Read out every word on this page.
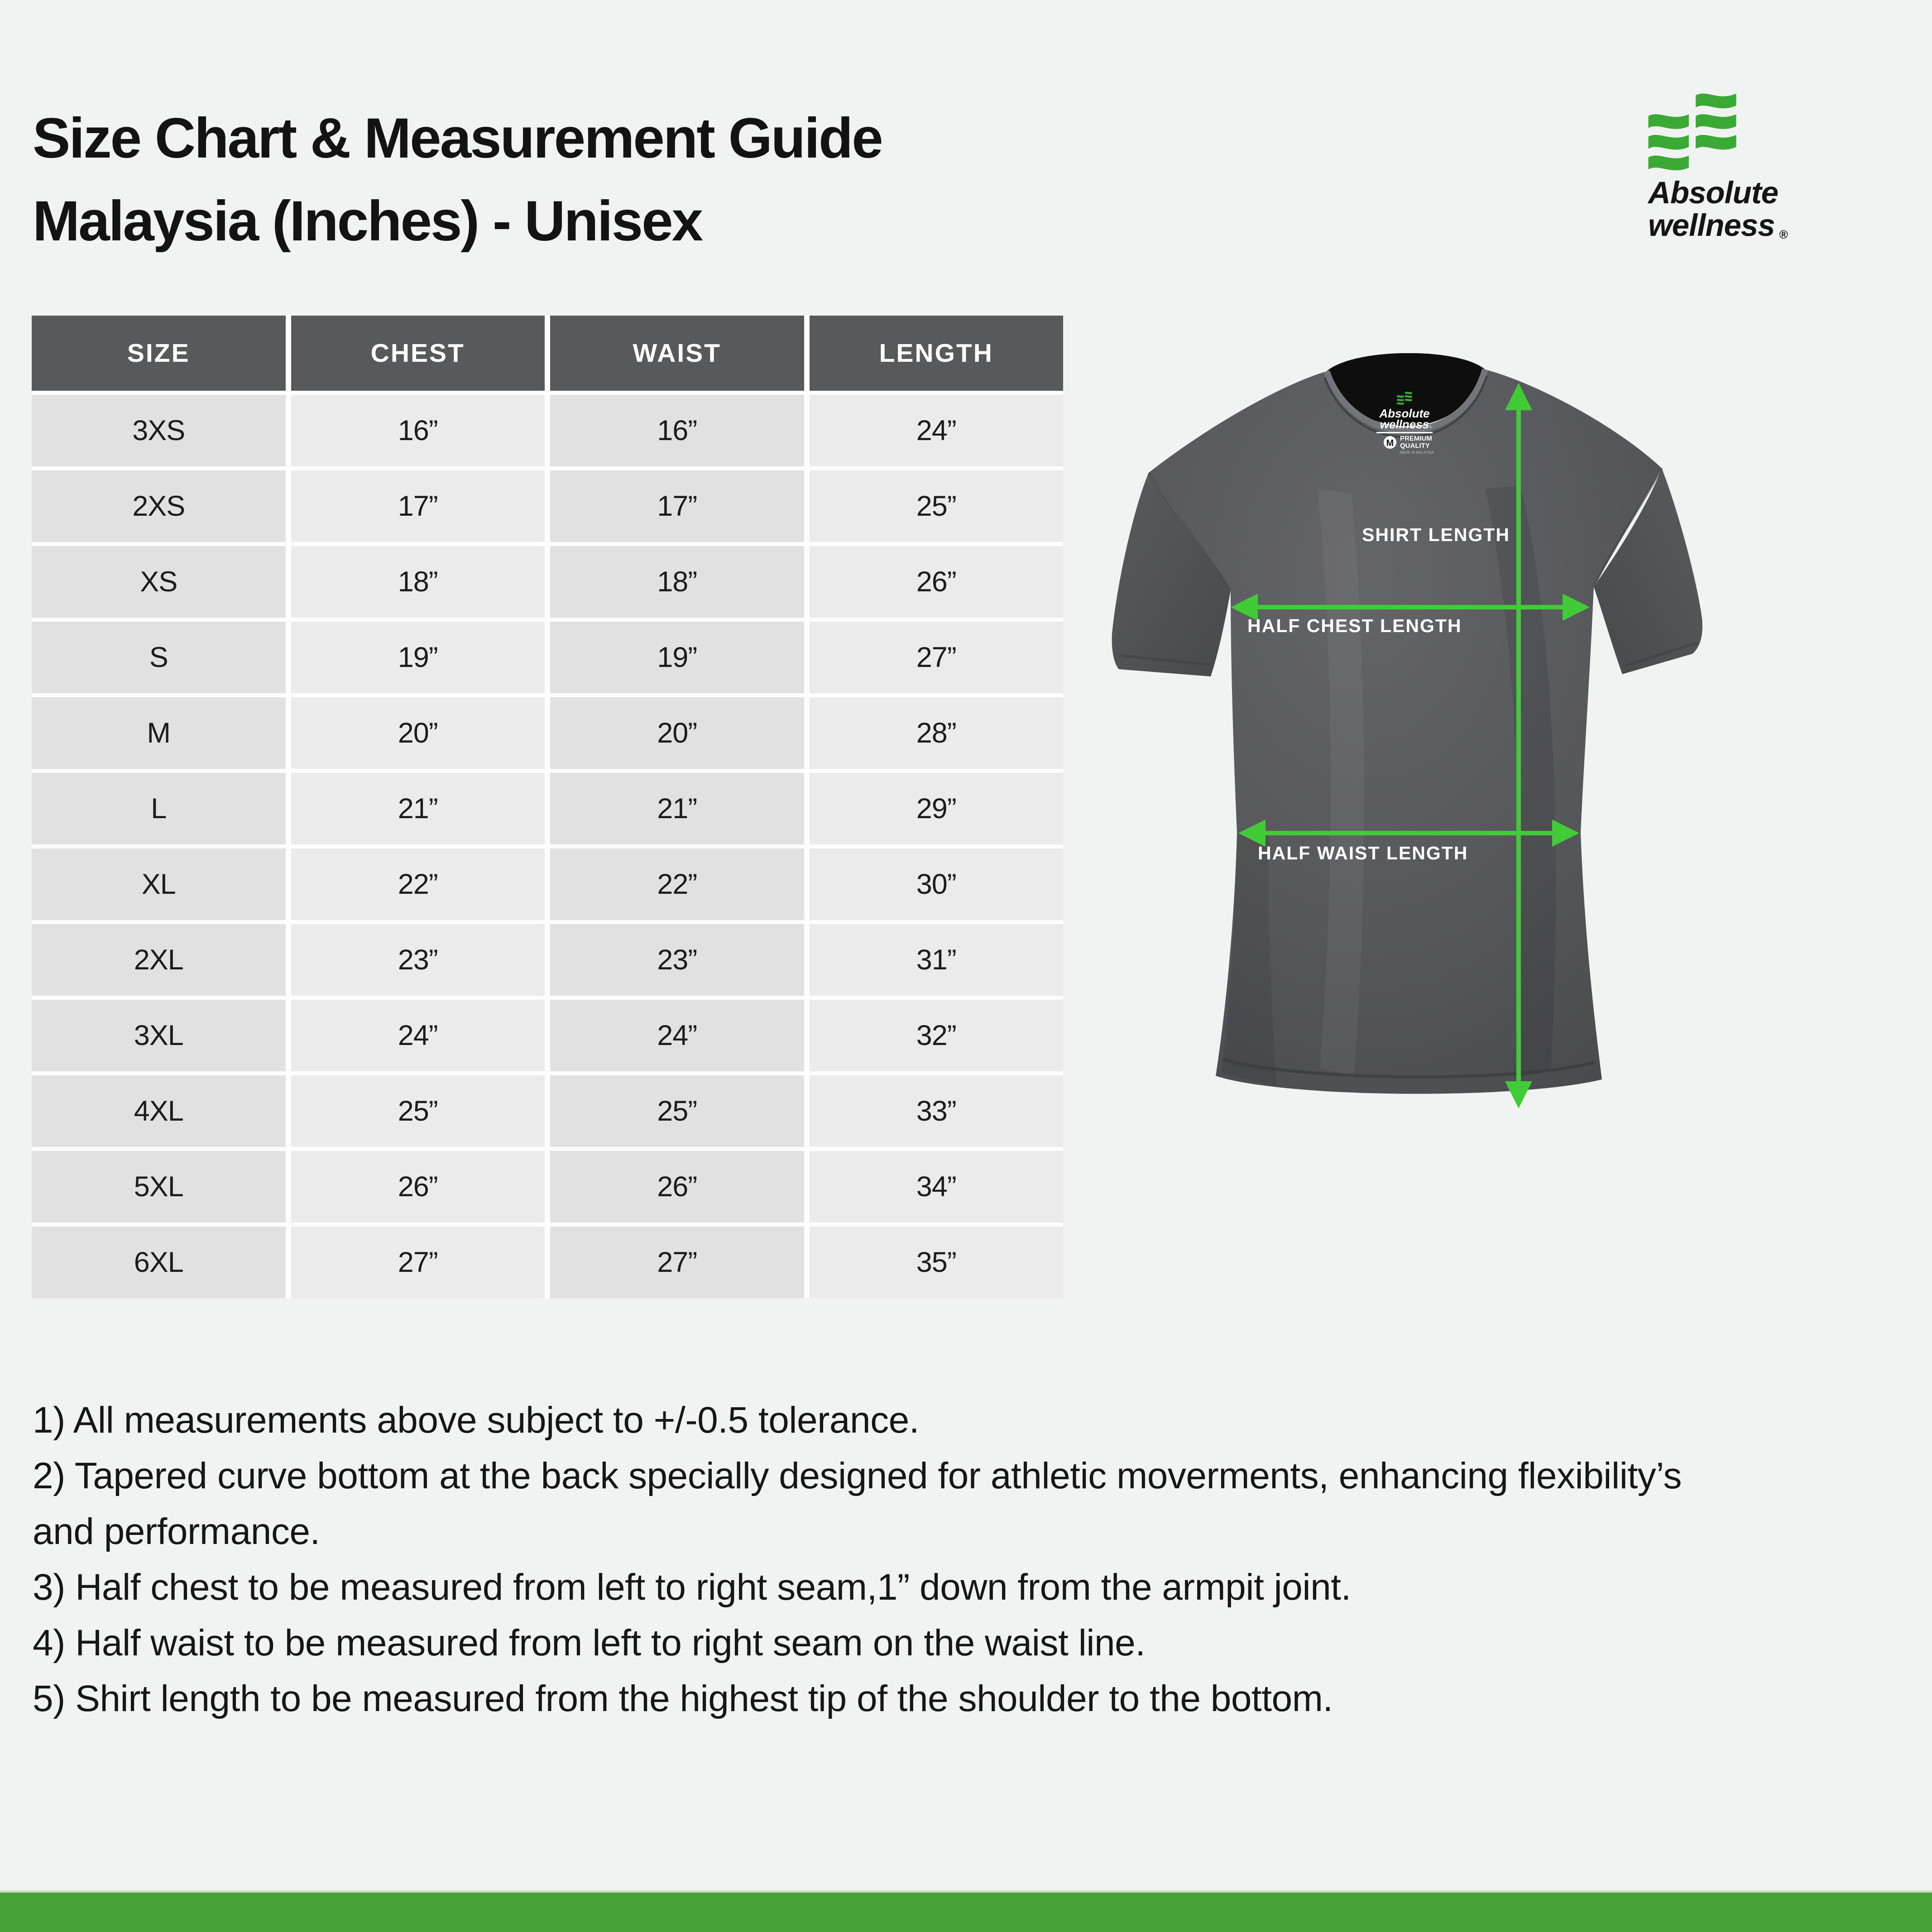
Size Chart & Measurement Guide
Malaysia (Inches) - Unisex	Absolute
wellness ®
SIZE	CHEST	WAIST	LENGTH
3XS	16”	16”	24”
2XS	17”	17”	25”
XS	18”	18”	26”
S	19”	19”	27”
M	20”	20”	28”
L	21”	21”	29”
XL	22”	22”	30”
2XL	23”	23”	31”
3XL	24”	24”	32”
4XL	25”	25”	33”
5XL	26”	26”	34”
6XL	27”	27”	35”
Absolute
wellness ®
M PREMIUM
QUALITY
MADE IN MALAYSIA
SHIRT LENGTH
HALF CHEST LENGTH
HALF WAIST LENGTH
1) All measurements above subject to +/-0.5 tolerance.
2) Tapered curve bottom at the back specially designed for athletic moverments, enhancing flexibility’s and performance.
3) Half chest to be measured from left to right seam,1” down from the armpit joint.
4) Half waist to be measured from left to right seam on the waist line.
5) Shirt length to be measured from the highest tip of the shoulder to the bottom.
